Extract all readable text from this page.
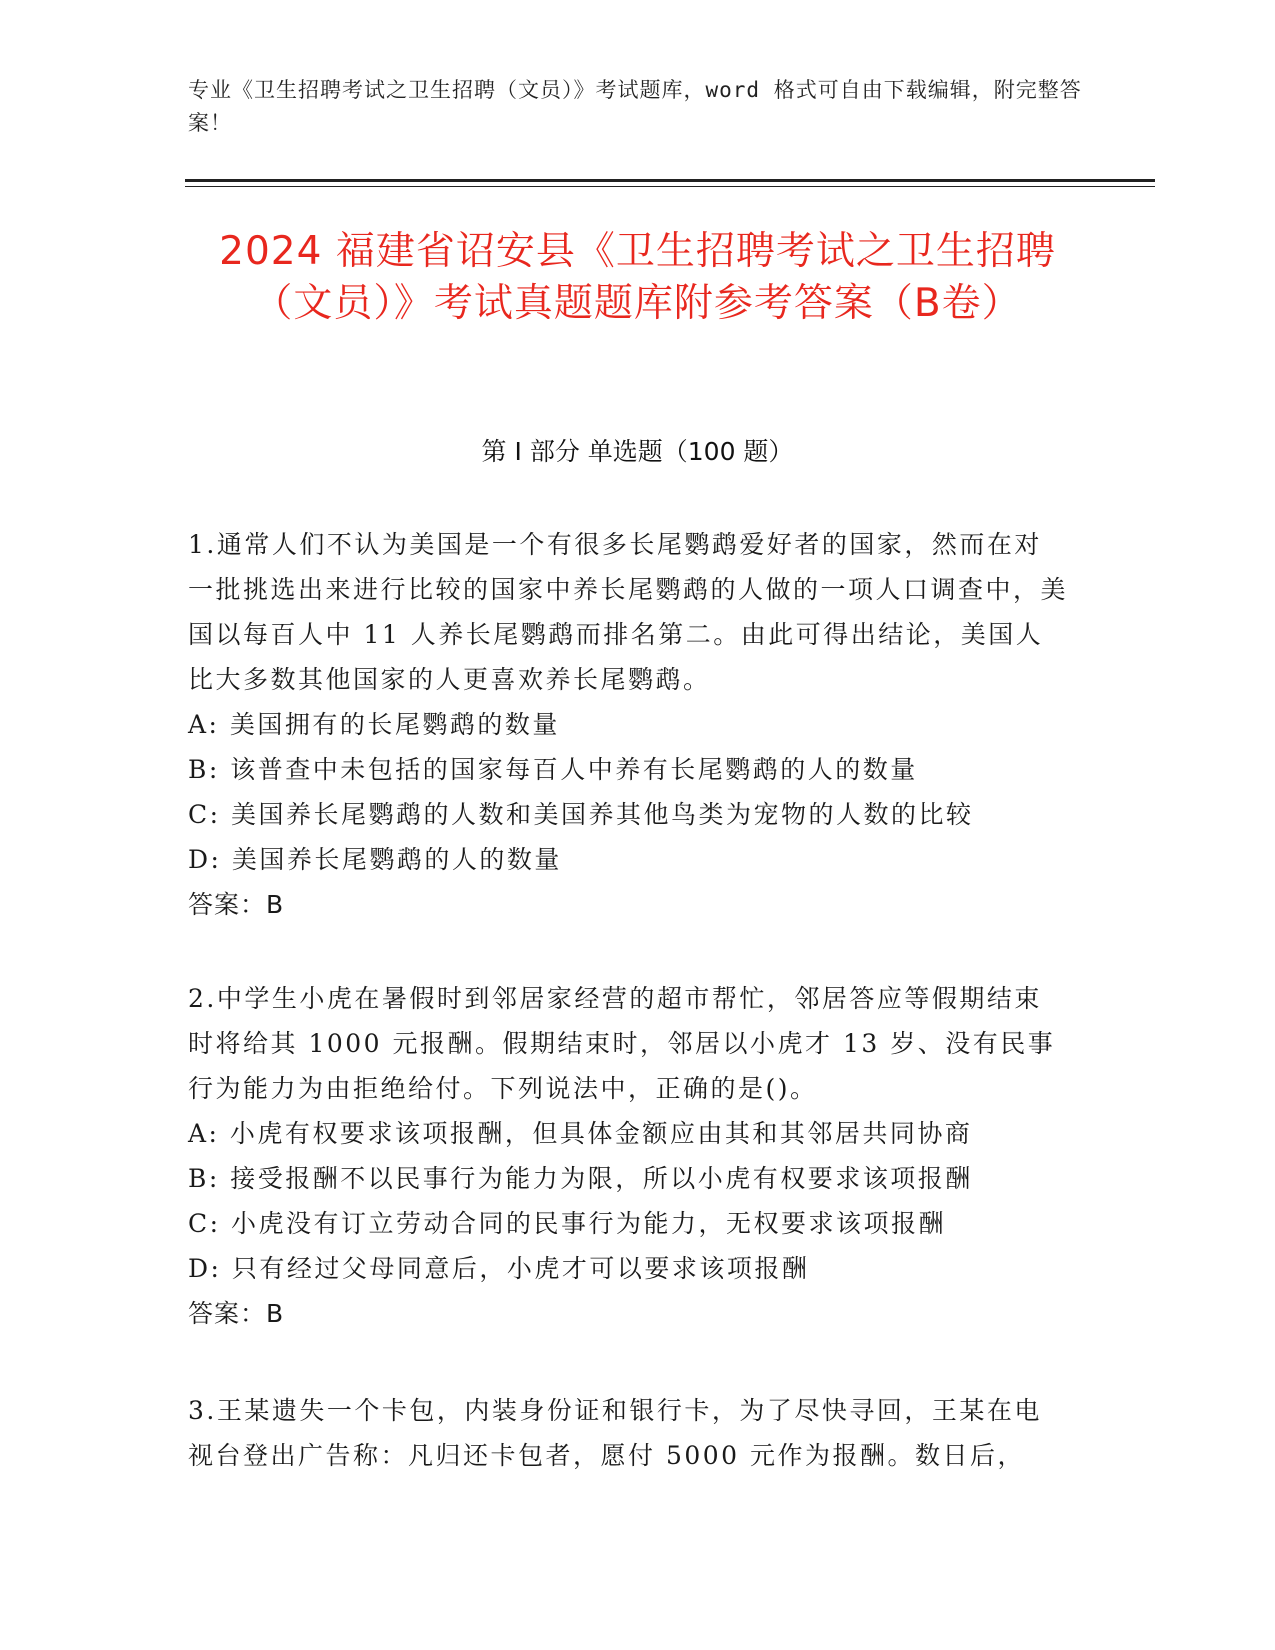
专业《卫生招聘考试之卫生招聘（文员）》考试题库，word 格式可自由下载编辑，附完整答案！
2024 福建省诏安县《卫生招聘考试之卫生招聘（文员）》考试真题题库附参考答案（B卷）
第 I 部分 单选题（100 题）

1.通常人们不认为美国是一个有很多长尾鹦鹉爱好者的国家，然而在对一批挑选出来进行比较的国家中养长尾鹦鹉的人做的一项人口调查中，美国以每百人中 11 人养长尾鹦鹉而排名第二。由此可得出结论，美国人比大多数其他国家的人更喜欢养长尾鹦鹉。

A: 美国拥有的长尾鹦鹉的数量

B: 该普查中未包括的国家每百人中养有长尾鹦鹉的人的数量

C: 美国养长尾鹦鹉的人数和美国养其他鸟类为宠物的人数的比较

D: 美国养长尾鹦鹉的人的数量

答案：B

2.中学生小虎在暑假时到邻居家经营的超市帮忙，邻居答应等假期结束时将给其 1000 元报酬。假期结束时，邻居以小虎才 13 岁、没有民事行为能力为由拒绝给付。下列说法中，正确的是()。

A: 小虎有权要求该项报酬，但具体金额应由其和其邻居共同协商

B: 接受报酬不以民事行为能力为限，所以小虎有权要求该项报酬

C: 小虎没有订立劳动合同的民事行为能力，无权要求该项报酬

D: 只有经过父母同意后，小虎才可以要求该项报酬

答案：B

3.王某遗失一个卡包，内装身份证和银行卡，为了尽快寻回，王某在电视台登出广告称：凡归还卡包者，愿付 5000 元作为报酬。数日后，
